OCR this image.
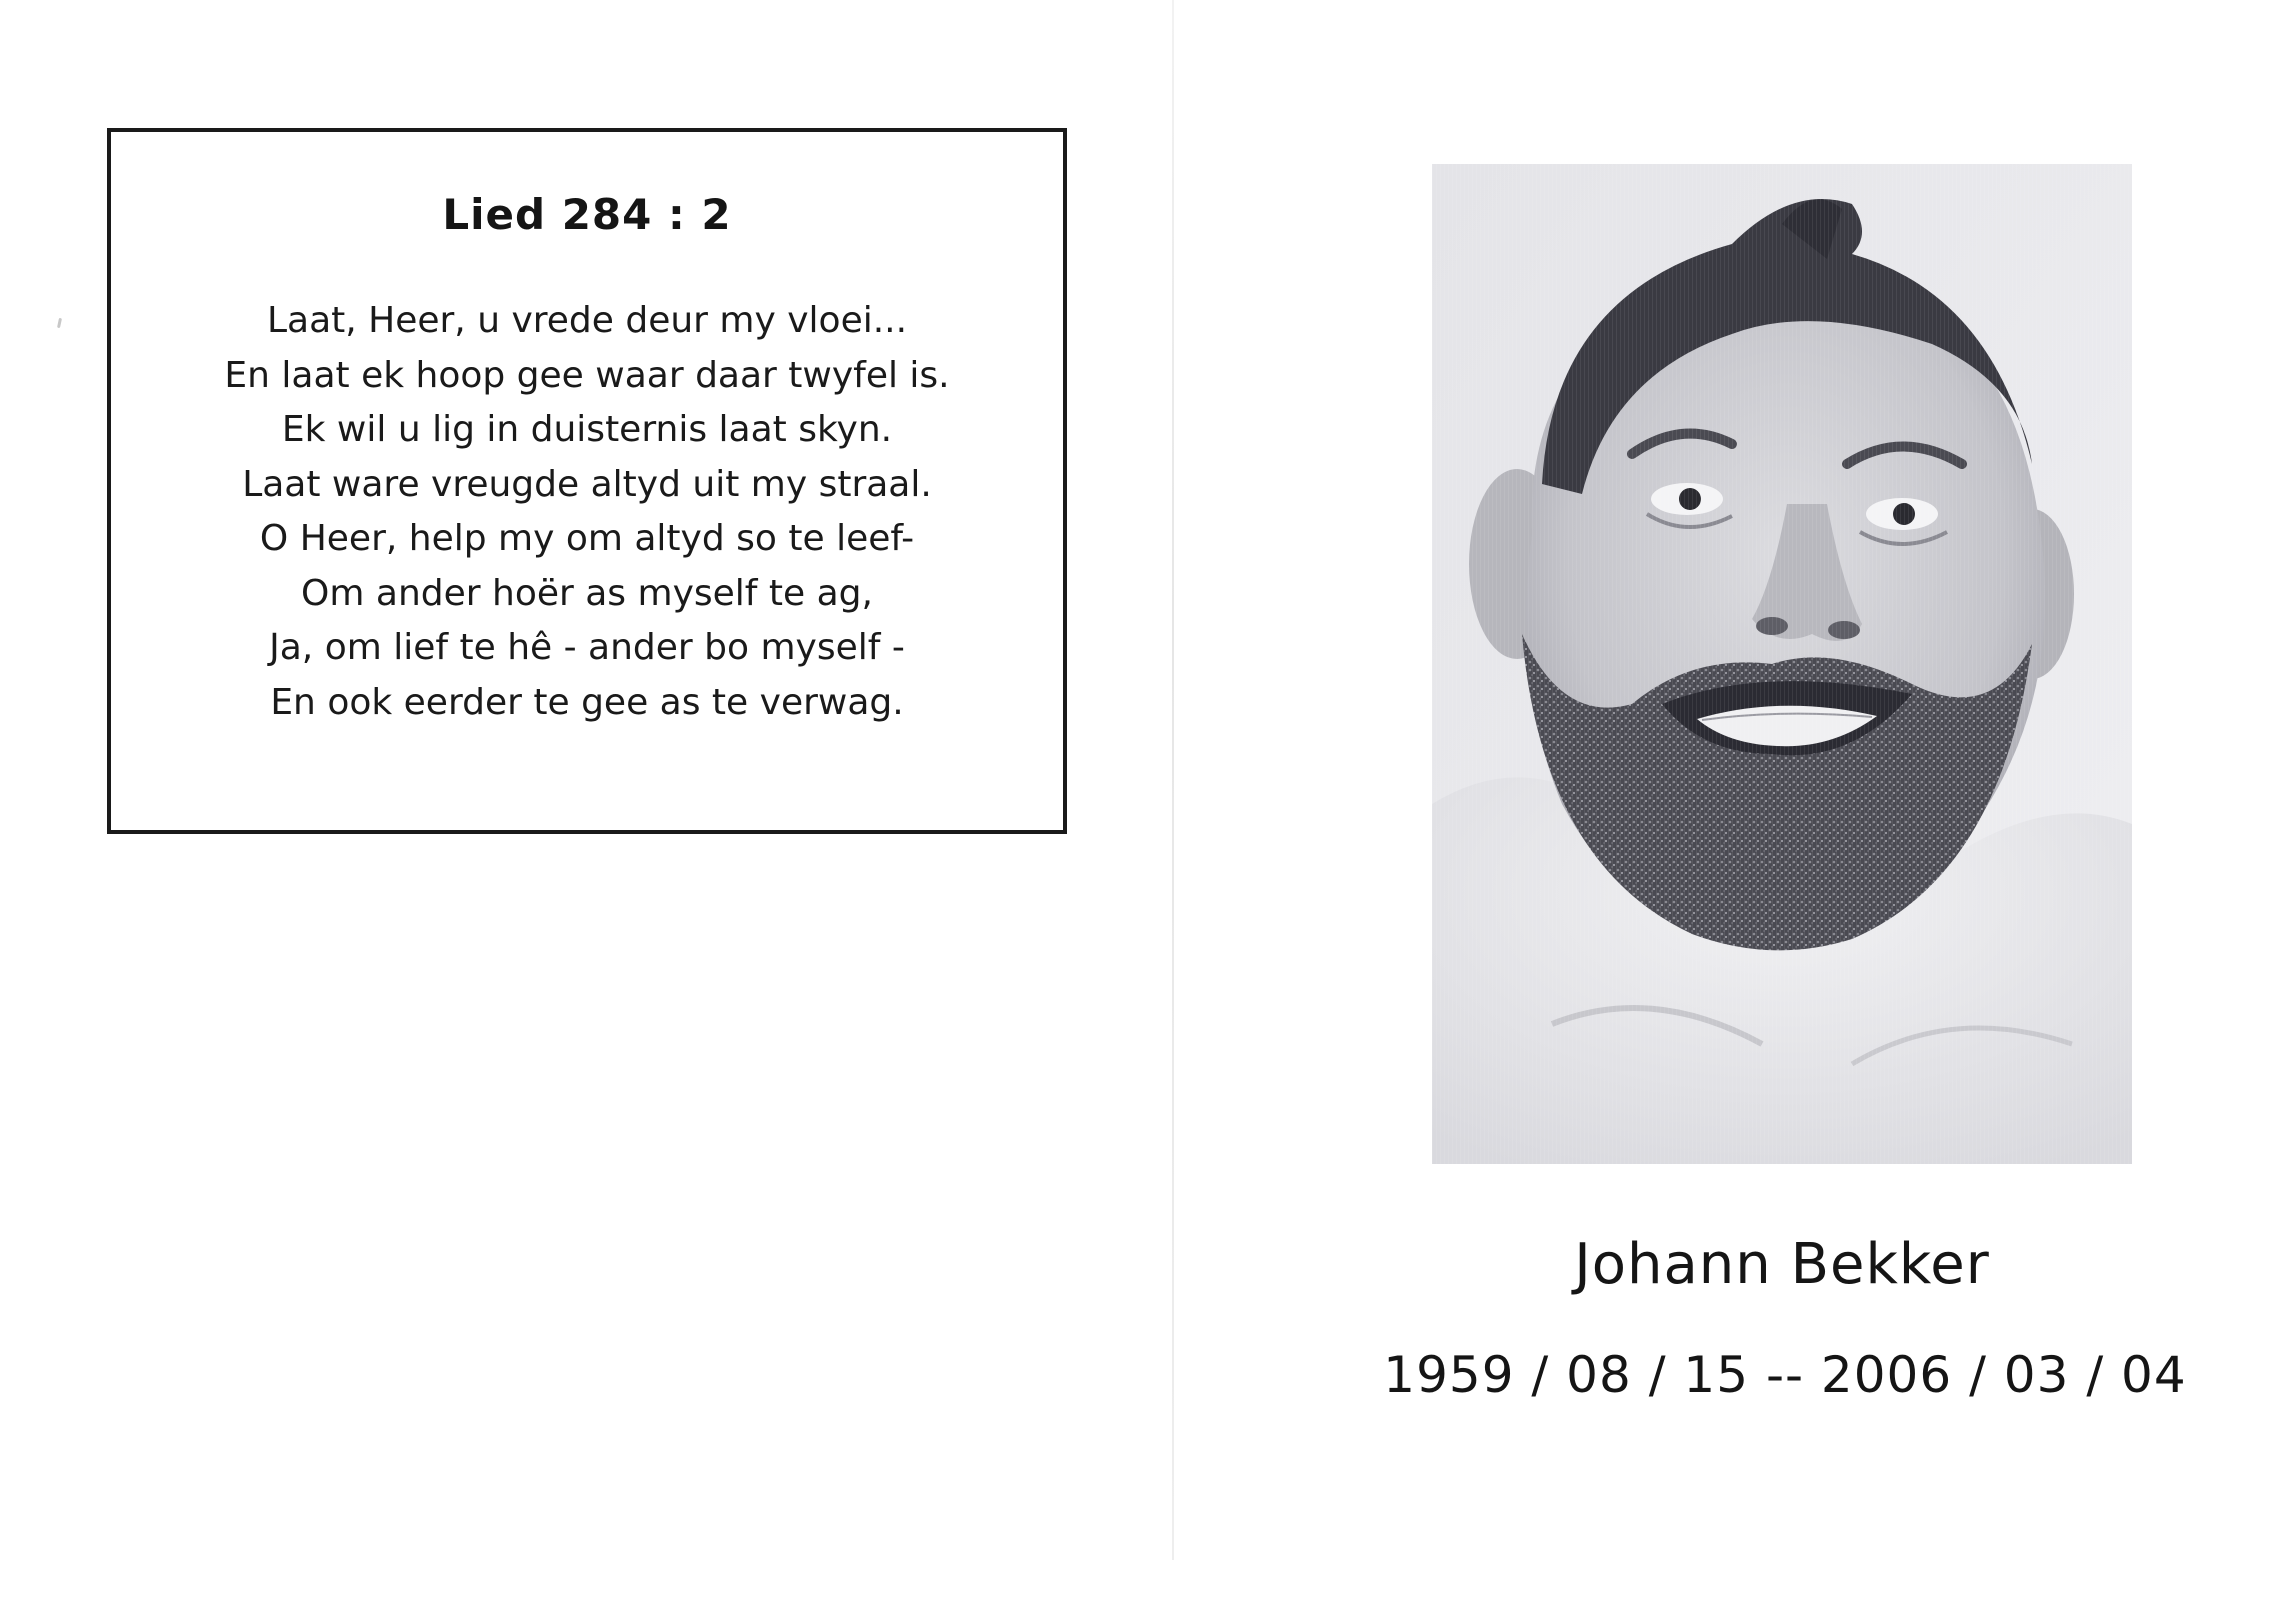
Lied 284 : 2
Laat, Heer, u vrede deur my vloei...
En laat ek hoop gee waar daar twyfel is.
Ek wil u lig in duisternis laat skyn.
Laat ware vreugde altyd uit my straal.
O Heer, help my om altyd so te leef-
Om ander hoër as myself te ag,
Ja, om lief te hê - ander bo myself -
En ook eerder te gee as te verwag.
Johann Bekker
1959 / 08 / 15 -- 2006 / 03 / 04
